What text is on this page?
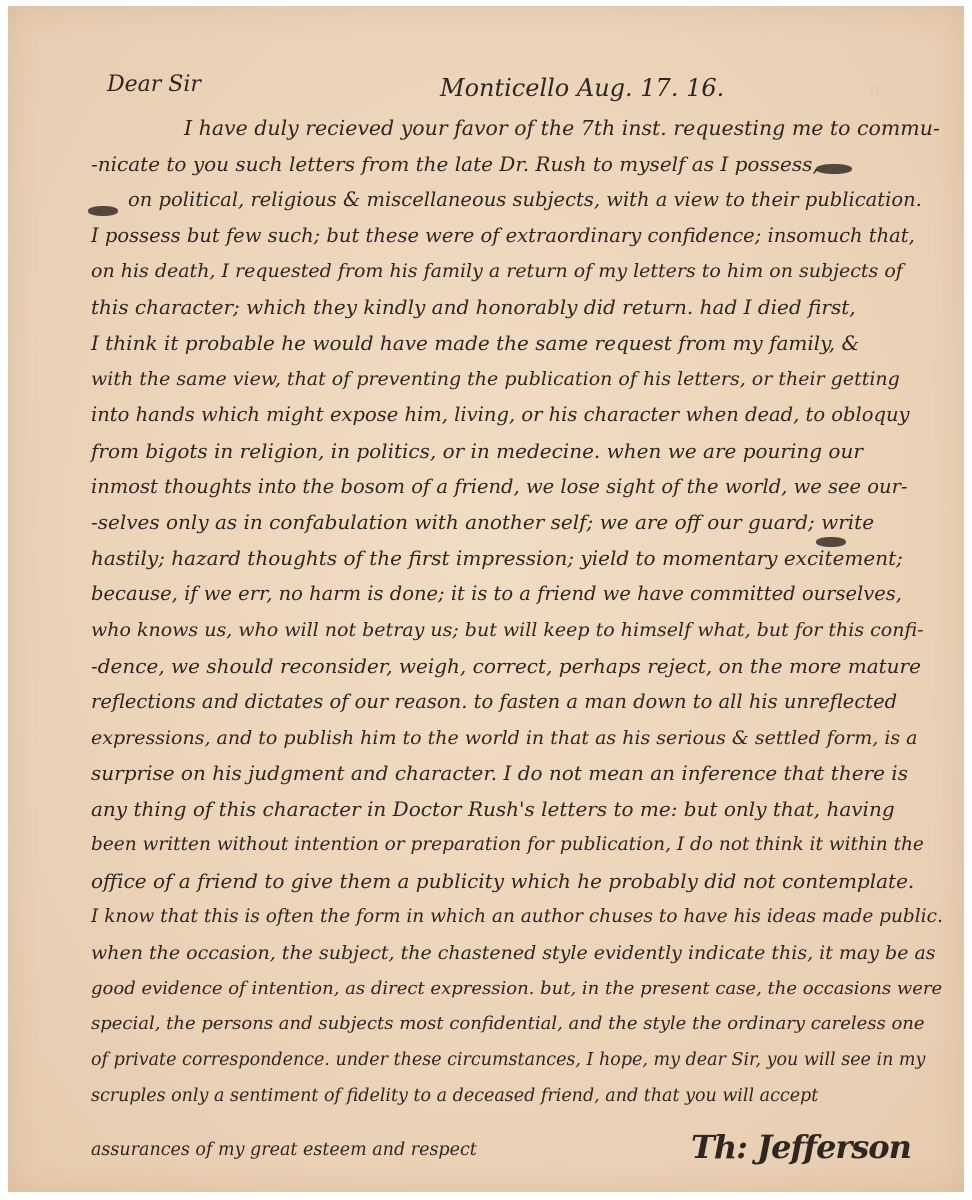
◌
Dear Sir	Monticello Aug. 17. 16.
I have duly recieved your favor of the 7th inst. requesting me to commu-
-nicate to you such letters from the late Dr. Rush to myself as I possess,
on political, religious & miscellaneous subjects, with a view to their publication.
I possess but few such; but these were of extraordinary confidence; insomuch that,
on his death, I requested from his family a return of my letters to him on subjects of
this character; which they kindly and honorably did return. had I died first,
I think it probable he would have made the same request from my family, &
with the same view, that of preventing the publication of his letters, or their getting
into hands which might expose him, living, or his character when dead, to obloquy
from bigots in religion, in politics, or in medecine. when we are pouring our
inmost thoughts into the bosom of a friend, we lose sight of the world, we see our-
-selves only as in confabulation with another self; we are off our guard; write
hastily; hazard thoughts of the first impression; yield to momentary excitement;
because, if we err, no harm is done; it is to a friend we have committed ourselves,
who knows us, who will not betray us; but will keep to himself what, but for this confi-
-dence, we should reconsider, weigh, correct, perhaps reject, on the more mature
reflections and dictates of our reason. to fasten a man down to all his unreflected
expressions, and to publish him to the world in that as his serious & settled form, is a
surprise on his judgment and character. I do not mean an inference that there is
any thing of this character in Doctor Rush's letters to me: but only that, having
been written without intention or preparation for publication, I do not think it within the
office of a friend to give them a publicity which he probably did not contemplate.
I know that this is often the form in which an author chuses to have his ideas made public.
when the occasion, the subject, the chastened style evidently indicate this, it may be as
good evidence of intention, as direct expression. but, in the present case, the occasions were
special, the persons and subjects most confidential, and the style the ordinary careless one
of private correspondence. under these circumstances, I hope, my dear Sir, you will see in my
scruples only a sentiment of fidelity to a deceased friend, and that you will accept
assurances of my great esteem and respect	Th: Jefferson
